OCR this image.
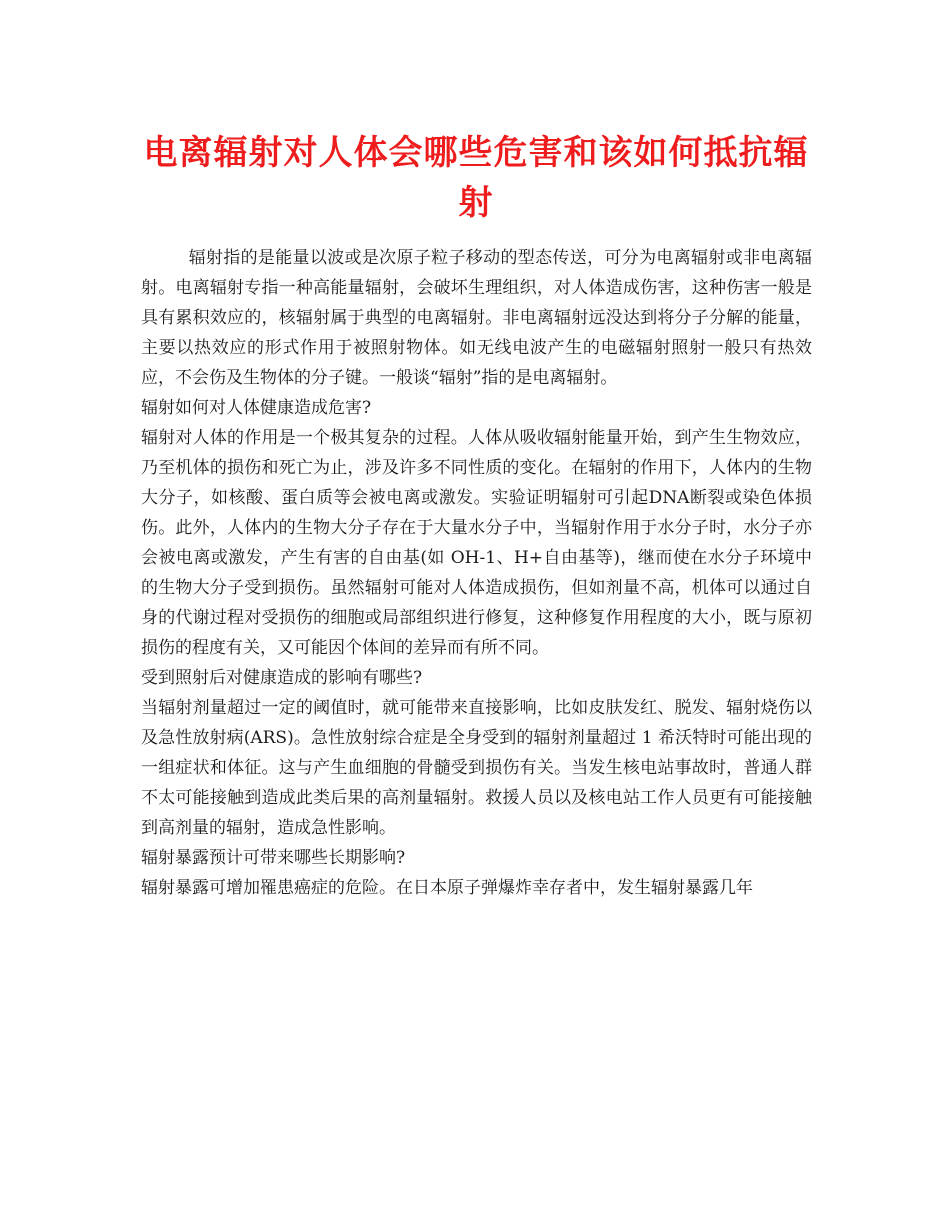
电离辐射对人体会哪些危害和该如何抵抗辐射

辐射指的是能量以波或是次原子粒子移动的型态传送，可分为电离辐射或非电离辐射。电离辐射专指一种高能量辐射，会破坏生理组织，对人体造成伤害，这种伤害一般是具有累积效应的，核辐射属于典型的电离辐射。非电离辐射远没达到将分子分解的能量，主要以热效应的形式作用于被照射物体。如无线电波产生的电磁辐射照射一般只有热效应，不会伤及生物体的分子键。一般谈“辐射”指的是电离辐射。

辐射如何对人体健康造成危害?

辐射对人体的作用是一个极其复杂的过程。人体从吸收辐射能量开始，到产生生物效应，乃至机体的损伤和死亡为止，涉及许多不同性质的变化。在辐射的作用下，人体内的生物大分子，如核酸、蛋白质等会被电离或激发。实验证明辐射可引起DNA断裂或染色体损伤。此外，人体内的生物大分子存在于大量水分子中，当辐射作用于水分子时，水分子亦会被电离或激发，产生有害的自由基(如 OH-1、H+自由基等)，继而使在水分子环境中的生物大分子受到损伤。虽然辐射可能对人体造成损伤，但如剂量不高，机体可以通过自身的代谢过程对受损伤的细胞或局部组织进行修复，这种修复作用程度的大小，既与原初损伤的程度有关，又可能因个体间的差异而有所不同。

受到照射后对健康造成的影响有哪些?

当辐射剂量超过一定的阈值时，就可能带来直接影响，比如皮肤发红、脱发、辐射烧伤以及急性放射病(ARS)。急性放射综合症是全身受到的辐射剂量超过 1 希沃特时可能出现的一组症状和体征。这与产生血细胞的骨髓受到损伤有关。当发生核电站事故时，普通人群不太可能接触到造成此类后果的高剂量辐射。救援人员以及核电站工作人员更有可能接触到高剂量的辐射，造成急性影响。

辐射暴露预计可带来哪些长期影响?

辐射暴露可增加罹患癌症的危险。在日本原子弹爆炸幸存者中，发生辐射暴露几年
